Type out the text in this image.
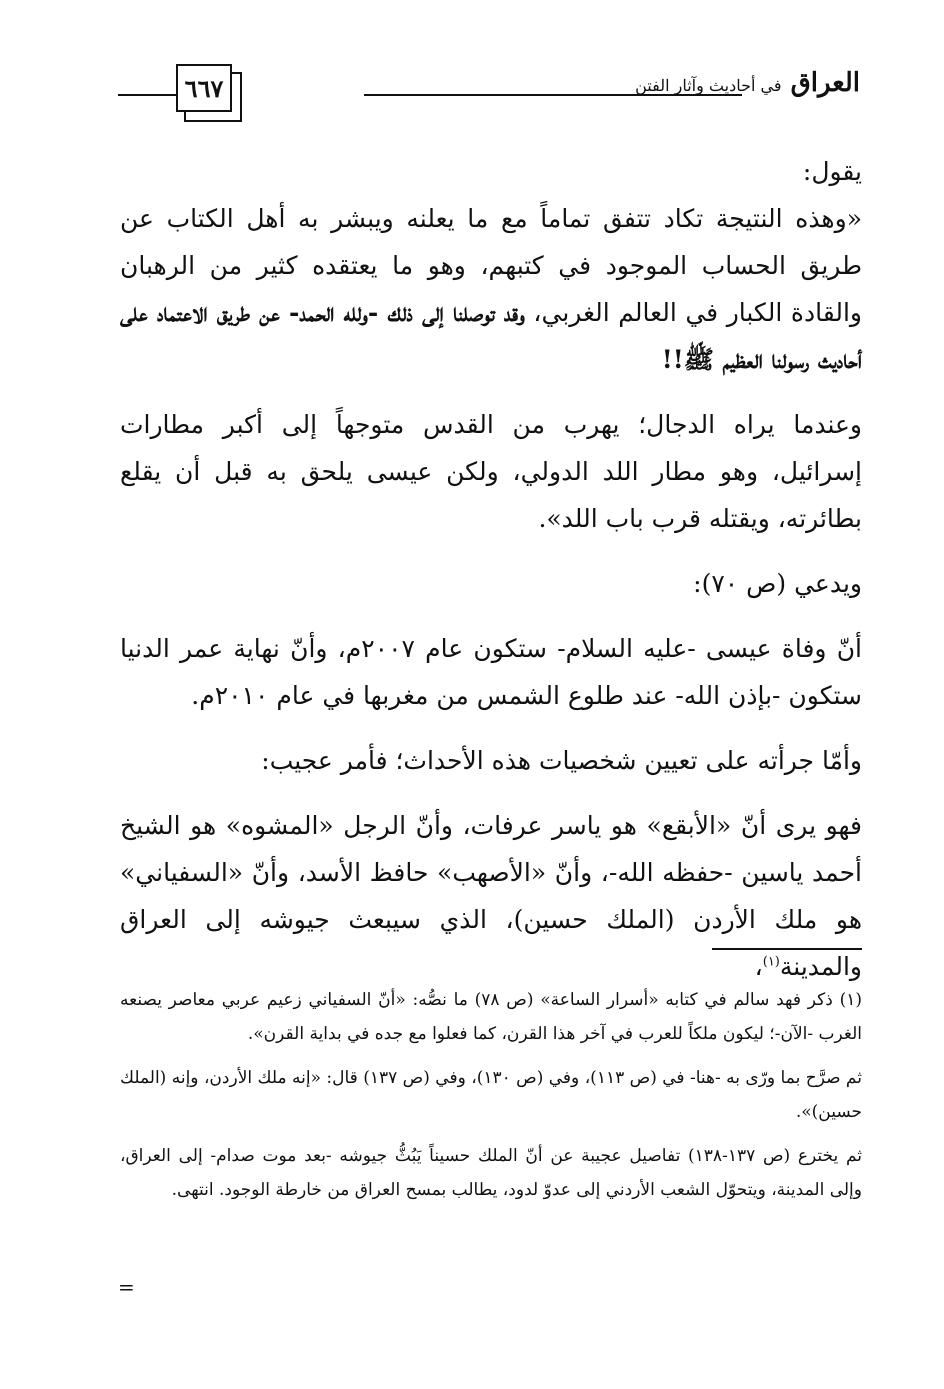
٦٦٧	العراق في أحاديث وآثار الفتن

يقول:

«وهذه النتيجة تكاد تتفق تماماً مع ما يعلنه ويبشر به أهل الكتاب عن طريق الحساب الموجود في كتبهم، وهو ما يعتقده كثير من الرهبان والقادة الكبار في العالم الغربي، وقد توصلنا إلى ذلك -ولله الحمد- عن طريق الاعتماد على أحاديث رسولنا العظيم ﷺ!!

وعندما يراه الدجال؛ يهرب من القدس متوجهاً إلى أكبر مطارات إسرائيل، وهو مطار اللد الدولي، ولكن عيسى يلحق به قبل أن يقلع بطائرته، ويقتله قرب باب اللد».

ويدعي (ص ٧٠):

أنّ وفاة عيسى -عليه السلام- ستكون عام ٢٠٠٧م، وأنّ نهاية عمر الدنيا ستكون -بإذن الله- عند طلوع الشمس من مغربها في عام ٢٠١٠م.

وأمّا جرأته على تعيين شخصيات هذه الأحداث؛ فأمر عجيب:

فهو يرى أنّ «الأبقع» هو ياسر عرفات، وأنّ الرجل «المشوه» هو الشيخ أحمد ياسين -حفظه الله-، وأنّ «الأصهب» حافظ الأسد، وأنّ «السفياني» هو ملك الأردن (الملك حسين)، الذي سيبعث جيوشه إلى العراق والمدينة$^{(١)}$،

(١) ذكر فهد سالم في كتابه «أسرار الساعة» (ص ٧٨) ما نصُّه: «أنّ السفياني زعيم عربي معاصر يصنعه الغرب -الآن-؛ ليكون ملكاً للعرب في آخر هذا القرن، كما فعلوا مع جده في بداية القرن».

ثم صرَّح بما ورّى به -هنا- في (ص ١١٣)، وفي (ص ١٣٠)، وفي (ص ١٣٧) قال: «إنه ملك الأردن، وإنه (الملك حسين)».

ثم يخترع (ص ١٣٧-١٣٨) تفاصيل عجيبة عن أنّ الملك حسيناً يَبُثُّ جيوشه -بعد موت صدام- إلى العراق، وإلى المدينة، ويتحوّل الشعب الأردني إلى عدوّ لدود، يطالب بمسح العراق من خارطة الوجود. انتهى.

=
